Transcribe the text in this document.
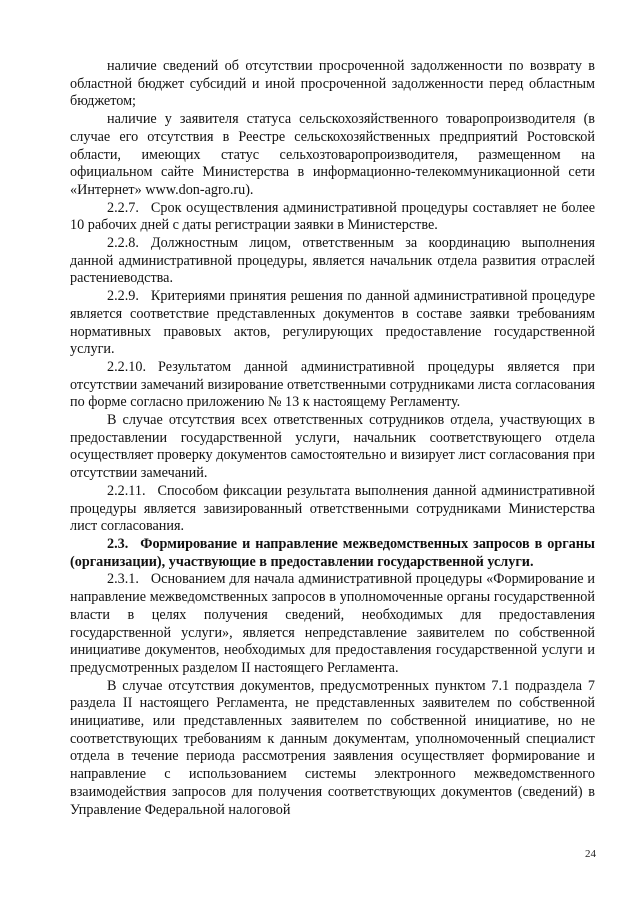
наличие сведений об отсутствии просроченной задолженности по возврату в областной бюджет субсидий и иной просроченной задолженности перед областным бюджетом;

наличие у заявителя статуса сельскохозяйственного товаропроизводителя (в случае его отсутствия в Реестре сельскохозяйственных предприятий Ростовской области, имеющих статус сельхозтоваропроизводителя, размещенном на официальном сайте Министерства в информационно-телекоммуникационной сети «Интернет» www.don-agro.ru).

2.2.7. Срок осуществления административной процедуры составляет не более 10 рабочих дней с даты регистрации заявки в Министерстве.

2.2.8. Должностным лицом, ответственным за координацию выполнения данной административной процедуры, является начальник отдела развития отраслей растениеводства.

2.2.9. Критериями принятия решения по данной административной процедуре является соответствие представленных документов в составе заявки требованиям нормативных правовых актов, регулирующих предоставление государственной услуги.

2.2.10. Результатом данной административной процедуры является при отсутствии замечаний визирование ответственными сотрудниками листа согласования по форме согласно приложению № 13 к настоящему Регламенту.

В случае отсутствия всех ответственных сотрудников отдела, участвующих в предоставлении государственной услуги, начальник соответствующего отдела осуществляет проверку документов самостоятельно и визирует лист согласования при отсутствии замечаний.

2.2.11. Способом фиксации результата выполнения данной административной процедуры является завизированный ответственными сотрудниками Министерства лист согласования.

2.3. Формирование и направление межведомственных запросов в органы (организации), участвующие в предоставлении государственной услуги.

2.3.1. Основанием для начала административной процедуры «Формирование и направление межведомственных запросов в уполномоченные органы государственной власти в целях получения сведений, необходимых для предоставления государственной услуги», является непредставление заявителем по собственной инициативе документов, необходимых для предоставления государственной услуги и предусмотренных разделом II настоящего Регламента.

В случае отсутствия документов, предусмотренных пунктом 7.1 подраздела 7 раздела II настоящего Регламента, не представленных заявителем по собственной инициативе, или представленных заявителем по собственной инициативе, но не соответствующих требованиям к данным документам, уполномоченный специалист отдела в течение периода рассмотрения заявления осуществляет формирование и направление с использованием системы электронного межведомственного взаимодействия запросов для получения соответствующих документов (сведений) в Управление Федеральной налоговой

24
